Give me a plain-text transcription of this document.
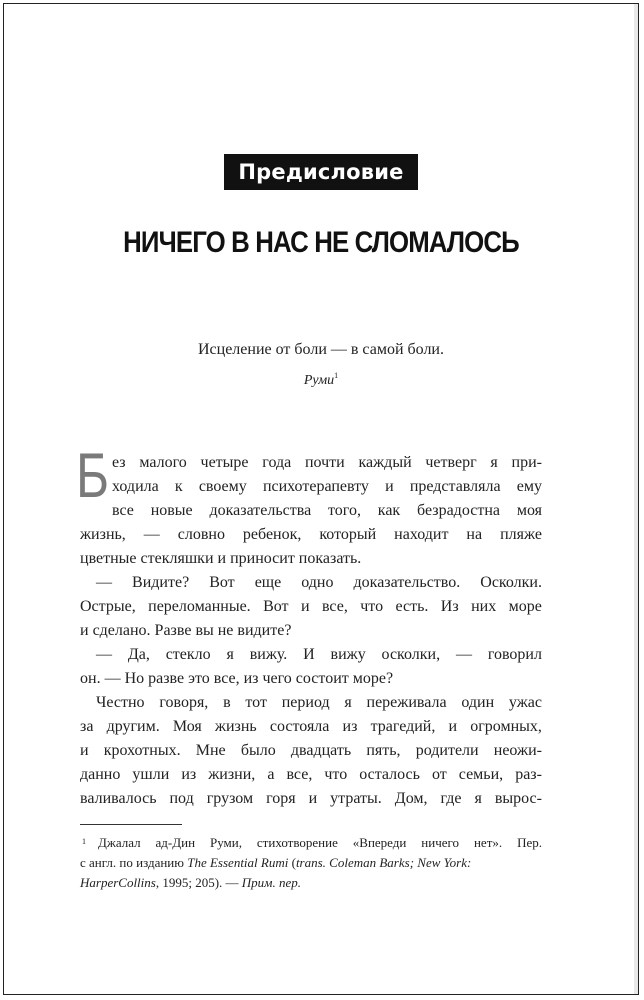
Предисловие
НИЧЕГО В НАС НЕ СЛОМАЛОСЬ
Исцеление от боли — в самой боли.
Руми$^1$
Б ез малого четыре года почти каждый четверг я при-
ходила к своему психотерапевту и представляла ему
все новые доказательства того, как безрадостна моя
жизнь, — словно ребенок, который находит на пляже
цветные стекляшки и приносит показать.
— Видите? Вот еще одно доказательство. Осколки.
Острые, переломанные. Вот и все, что есть. Из них море
и сделано. Разве вы не видите?
— Да, стекло я вижу. И вижу осколки, — говорил
он. — Но разве это все, из чего состоит море?
Честно говоря, в тот период я переживала один ужас
за другим. Моя жизнь состояла из трагедий, и огромных,
и крохотных. Мне было двадцать пять, родители неожи-
данно ушли из жизни, а все, что осталось от семьи, раз-
валивалось под грузом горя и утраты. Дом, где я вырос-
1 Джалал ад-Дин Руми, стихотворение «Впереди ничего нет». Пер.
с англ. по изданию The Essential Rumi (trans. Coleman Barks; New York:
HarperCollins , 1995; 205). — Прим. пер.
